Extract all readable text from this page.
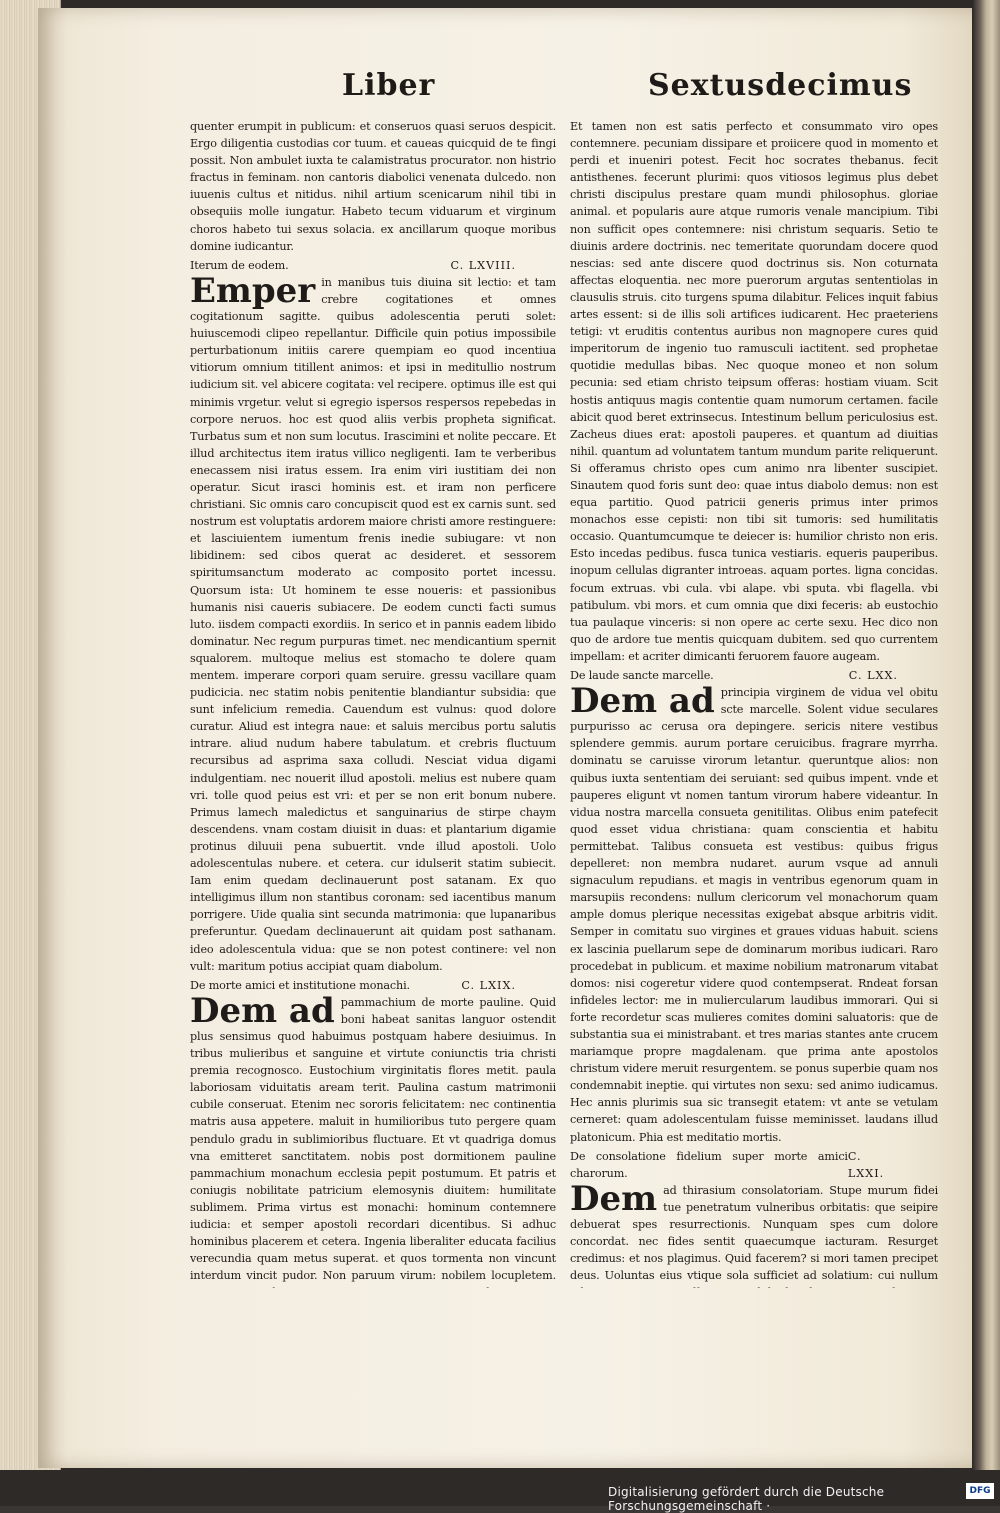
Liber	Sextusdecimus

quenter erumpit in publicum: et conseruos quasi seruos despicit. Ergo diligentia custodias cor tuum. et caueas quicquid de te fingi possit. Non ambulet iuxta te calamistratus procurator. non histrio fractus in feminam. non cantoris diabolici venenata dulcedo. non iuuenis cultus et nitidus. nihil artium scenicarum nihil tibi in obsequiis molle iungatur. Habeto tecum viduarum et virginum choros habeto tui sexus solacia. ex ancillarum quoque moribus domine iudicantur.

Iterum de eodem.	C. LXVIII.

Emper in manibus tuis diuina sit lectio: et tam crebre cogitationes et omnes cogitationum sagitte. quibus adolescentia peruti solet: huiuscemodi clipeo repellantur. Difficile quin potius impossibile perturbationum initiis carere quempiam eo quod incentiua vitiorum omnium titillent animos: et ipsi in meditullio nostrum iudicium sit. vel abicere cogitata: vel recipere. optimus ille est qui minimis vrgetur. velut si egregio ispersos respersos repebedas in corpore neruos. hoc est quod aliis verbis propheta significat. Turbatus sum et non sum locutus. Irascimini et nolite peccare. Et illud architectus item iratus villico negligenti. Iam te verberibus enecassem nisi iratus essem. Ira enim viri iustitiam dei non operatur. Sicut irasci hominis est. et iram non perficere christiani. Sic omnis caro concupiscit quod est ex carnis sunt. sed nostrum est voluptatis ardorem maiore christi amore restinguere: et lasciuientem iumentum frenis inedie subiugare: vt non libidinem: sed cibos querat ac desideret. et sessorem spiritumsanctum moderato ac composito portet incessu. Quorsum ista: Ut hominem te esse noueris: et passionibus humanis nisi caueris subiacere. De eodem cuncti facti sumus luto. iisdem compacti exordiis. In serico et in pannis eadem libido dominatur. Nec regum purpuras timet. nec mendicantium spernit squalorem. multoque melius est stomacho te dolere quam mentem. imperare corpori quam seruire. gressu vacillare quam pudicicia. nec statim nobis penitentie blandiantur subsidia: que sunt infelicium remedia. Cauendum est vulnus: quod dolore curatur. Aliud est integra naue: et saluis mercibus portu salutis intrare. aliud nudum habere tabulatum. et crebris fluctuum recursibus ad asprima saxa colludi. Nesciat vidua digami indulgentiam. nec nouerit illud apostoli. melius est nubere quam vri. tolle quod peius est vri: et per se non erit bonum nubere. Primus lamech maledictus et sanguinarius de stirpe chaym descendens. vnam costam diuisit in duas: et plantarium digamie protinus diluuii pena subuertit. vnde illud apostoli. Uolo adolescentulas nubere. et cetera. cur idulserit statim subiecit. Iam enim quedam declinauerunt post satanam. Ex quo intelligimus illum non stantibus coronam: sed iacentibus manum porrigere. Uide qualia sint secunda matrimonia: que lupanaribus preferuntur. Quedam declinauerunt ait quidam post sathanam. ideo adolescentula vidua: que se non potest continere: vel non vult: maritum potius accipiat quam diabolum.

De morte amici et institutione monachi.	C. LXIX.

Dem ad pammachium de morte pauline. Quid boni habeat sanitas languor ostendit plus sensimus quod habuimus postquam habere desiuimus. In tribus mulieribus et sanguine et virtute coniunctis tria christi premia recognosco. Eustochium virginitatis flores metit. paula laboriosam viduitatis aream terit. Paulina castum matrimonii cubile conseruat. Etenim nec sororis felicitatem: nec continentia matris ausa appetere. maluit in humilioribus tuto pergere quam pendulo gradu in sublimioribus fluctuare. Et vt quadriga domus vna emitteret sanctitatem. nobis post dormitionem pauline pammachium monachum ecclesia pepit postumum. Et patris et coniugis nobilitate patricium elemosynis diuitem: humilitate sublimem. Prima virtus est monachi: hominum contemnere iudicia: et semper apostoli recordari dicentibus. Si adhuc hominibus placerem et cetera. Ingenia liberaliter educata facilius verecundia quam metus superat. et quos tormenta non vincunt interdum vincit pudor. Non paruum virum: nobilem locupletem.

Et tamen non est satis perfecto et consummato viro opes contemnere. pecuniam dissipare et proiicere quod in momento et perdi et inueniri potest. Fecit hoc socrates thebanus. fecit antisthenes. fecerunt plurimi: quos vitiosos legimus plus debet christi discipulus prestare quam mundi philosophus. gloriae animal. et popularis aure atque rumoris venale mancipium. Tibi non sufficit opes contemnere: nisi christum sequaris. Setio te diuinis ardere doctrinis. nec temeritate quorundam docere quod nescias: sed ante discere quod doctrinus sis. Non coturnata affectas eloquentia. nec more puerorum argutas sententiolas in clausulis struis. cito turgens spuma dilabitur. Felices inquit fabius artes essent: si de illis soli artifices iudicarent. Hec praeteriens tetigi: vt eruditis contentus auribus non magnopere cures quid imperitorum de ingenio tuo ramusculi iactitent. sed prophetae quotidie medullas bibas. Nec quoque moneo et non solum pecunia: sed etiam christo teipsum offeras: hostiam viuam. Scit hostis antiquus magis contentie quam numorum certamen. facile abicit quod beret extrinsecus. Intestinum bellum periculosius est. Zacheus diues erat: apostoli pauperes. et quantum ad diuitias nihil. quantum ad voluntatem tantum mundum parite reliquerunt. Si offeramus christo opes cum animo nra libenter suscipiet. Sinautem quod foris sunt deo: quae intus diabolo demus: non est equa partitio. Quod patricii generis primus inter primos monachos esse cepisti: non tibi sit tumoris: sed humilitatis occasio. Quantumcumque te deiecer is: humilior christo non eris. Esto incedas pedibus. fusca tunica vestiaris. equeris pauperibus. inopum cellulas digranter introeas. aquam portes. ligna concidas. focum extruas. vbi cula. vbi alape. vbi sputa. vbi flagella. vbi patibulum. vbi mors. et cum omnia que dixi feceris: ab eustochio tua paulaque vinceris: si non opere ac certe sexu. Hec dico non quo de ardore tue mentis quicquam dubitem. sed quo currentem impellam: et acriter dimicanti feruorem fauore augeam.

De laude sancte marcelle.	C. LXX.

Dem ad principia virginem de vidua vel obitu scte marcelle. Solent vidue seculares purpurisso ac cerusa ora depingere. sericis nitere vestibus splendere gemmis. aurum portare ceruicibus. fragrare myrrha. dominatu se caruisse virorum letantur. queruntque alios: non quibus iuxta sententiam dei seruiant: sed quibus impent. vnde et pauperes eligunt vt nomen tantum virorum habere videantur. In vidua nostra marcella consueta genitilitas. Olibus enim patefecit quod esset vidua christiana: quam conscientia et habitu permittebat. Talibus consueta est vestibus: quibus frigus depelleret: non membra nudaret. aurum vsque ad annuli signaculum repudians. et magis in ventribus egenorum quam in marsupiis recondens: nullum clericorum vel monachorum quam ample domus plerique necessitas exigebat absque arbitris vidit. Semper in comitatu suo virgines et graues viduas habuit. sciens ex lascinia puellarum sepe de dominarum moribus iudicari. Raro procedebat in publicum. et maxime nobilium matronarum vitabat domos: nisi cogeretur videre quod contempserat. Rndeat forsan infideles lector: me in muliercularum laudibus immorari. Qui si forte recordetur scas mulieres comites domini saluatoris: que de substantia sua ei ministrabant. et tres marias stantes ante crucem mariamque propre magdalenam. que prima ante apostolos christum videre meruit resurgentem. se ponus superbie quam nos condemnabit ineptie. qui virtutes non sexu: sed animo iudicamus. Hec annis plurimis sua sic transegit etatem: vt ante se vetulam cerneret: quam adolescentulam fuisse meminisset. laudans illud platonicum. Phia est meditatio mortis.

De consolatione fidelium super morte amici charorum.
C. LXXI.

Dem ad thirasium consolatoriam. Stupe murum fidei tue penetratum vulneribus orbitatis: que seipire debuerat spes resurrectionis. Nunquam spes cum dolore concordat. nec fides sentit quaecumque iacturam. Resurget credimus: et nos plagimus. Quid facerem? si mori tamen precipet deus. Uoluntas eius vtique sola sufficiet ad solatium: cui nullum

Digitalisierung gefördert durch die Deutsche Forschungsgemeinschaft ·
DFG
